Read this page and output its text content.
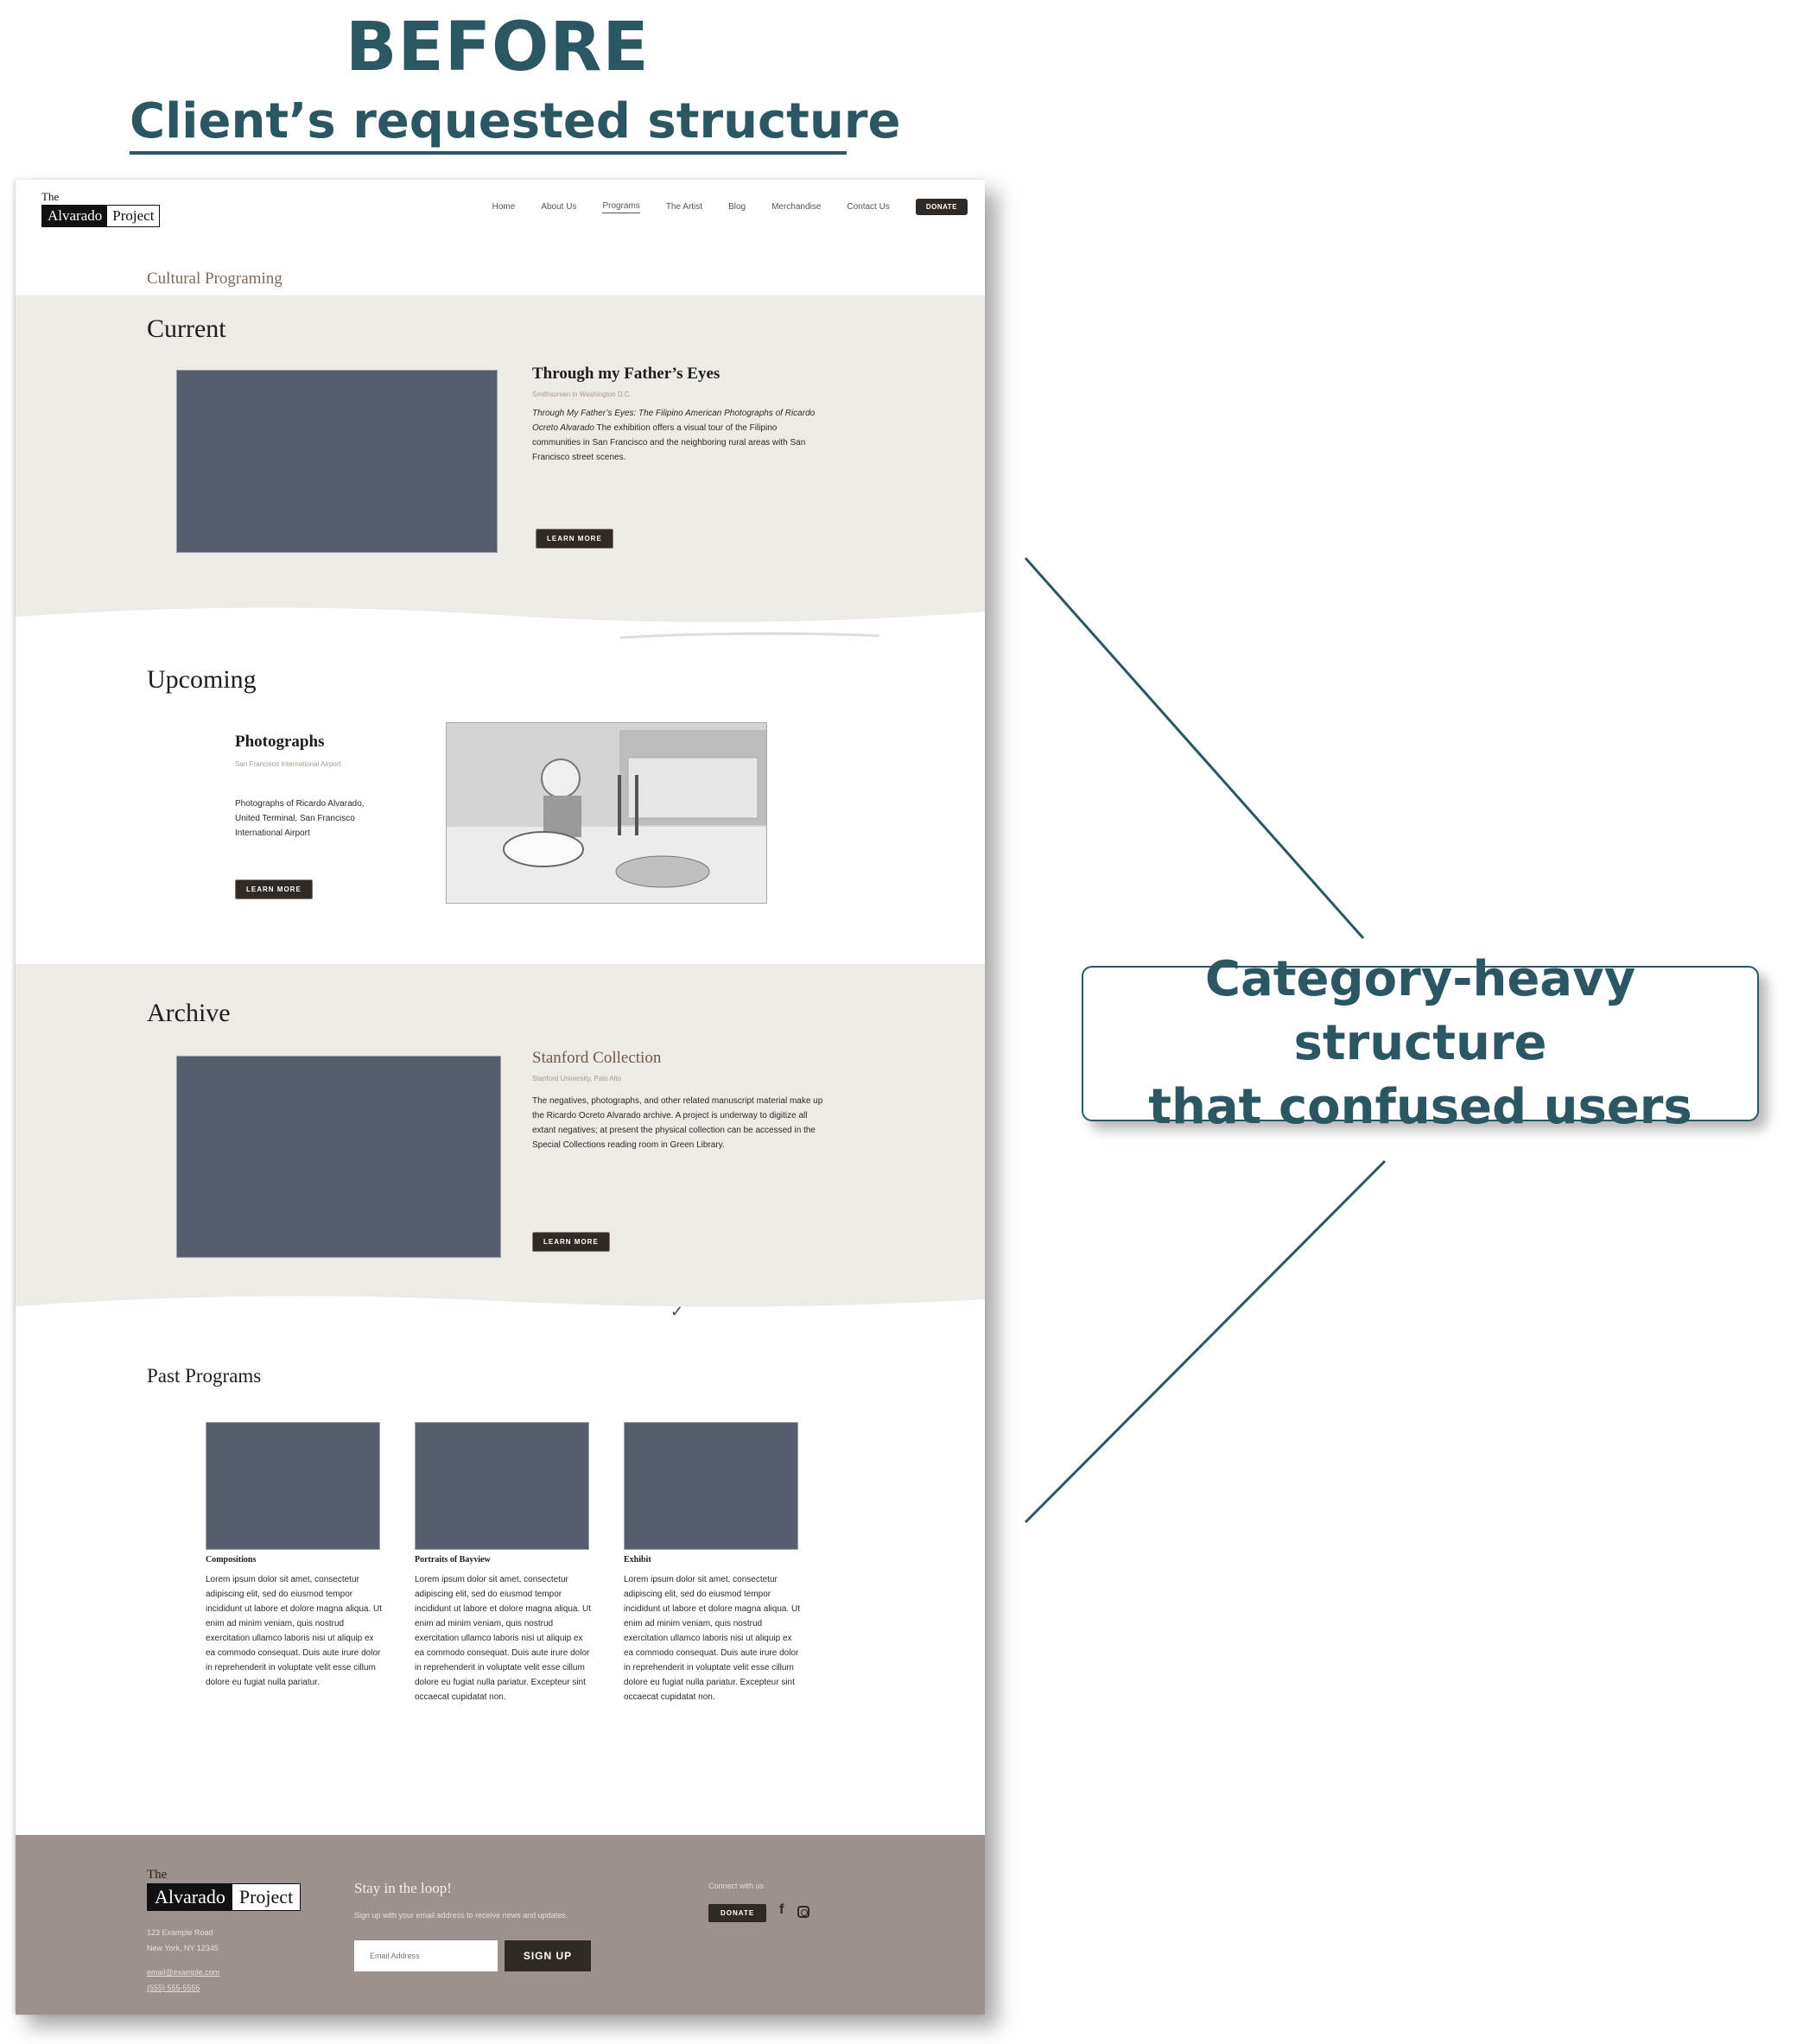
BEFORE
Client’s requested structure
The
Alvarado Project
Home	About Us	Programs	The Artist	Blog	Merchandise	Contact Us	DONATE
Cultural Programing
Current
Through my Father’s Eyes
Smithsonian in Washington D.C.
Through My Father’s Eyes: The Filipino American Photographs of Ricardo Ocreto Alvarado The exhibition offers a visual tour of the Filipino communities in San Francisco and the neighboring rural areas with San Francisco street scenes.
LEARN MORE
Upcoming
Photographs
San Francisco International Airport
Photographs of Ricardo Alvarado, United Terminal, San Francisco International Airport
LEARN MORE
Archive
Stanford Collection
Stanford University, Palo Alto
The negatives, photographs, and other related manuscript material make up the Ricardo Ocreto Alvarado archive. A project is underway to digitize all extant negatives; at present the physical collection can be accessed in the Special Collections reading room in Green Library.
LEARN MORE
✓
Past Programs
Compositions
Lorem ipsum dolor sit amet, consectetur adipiscing elit, sed do eiusmod tempor incididunt ut labore et dolore magna aliqua. Ut enim ad minim veniam, quis nostrud exercitation ullamco laboris nisi ut aliquip ex ea commodo consequat. Duis aute irure dolor in reprehenderit in voluptate velit esse cillum dolore eu fugiat nulla pariatur.
Portraits of Bayview
Lorem ipsum dolor sit amet, consectetur adipiscing elit, sed do eiusmod tempor incididunt ut labore et dolore magna aliqua. Ut enim ad minim veniam, quis nostrud exercitation ullamco laboris nisi ut aliquip ex ea commodo consequat. Duis aute irure dolor in reprehenderit in voluptate velit esse cillum dolore eu fugiat nulla pariatur. Excepteur sint occaecat cupidatat non.
Exhibit
Lorem ipsum dolor sit amet, consectetur adipiscing elit, sed do eiusmod tempor incididunt ut labore et dolore magna aliqua. Ut enim ad minim veniam, quis nostrud exercitation ullamco laboris nisi ut aliquip ex ea commodo consequat. Duis aute irure dolor in reprehenderit in voluptate velit esse cillum dolore eu fugiat nulla pariatur. Excepteur sint occaecat cupidatat non.
The
Alvarado Project
123 Example Road
New York, NY 12345
email@example.com
(555) 555-5555
Stay in the loop!
Sign up with your email address to receive news and updates.
Email Address
SIGN UP
Connect with us
DONATE	f
Category-heavy structure
that confused users
